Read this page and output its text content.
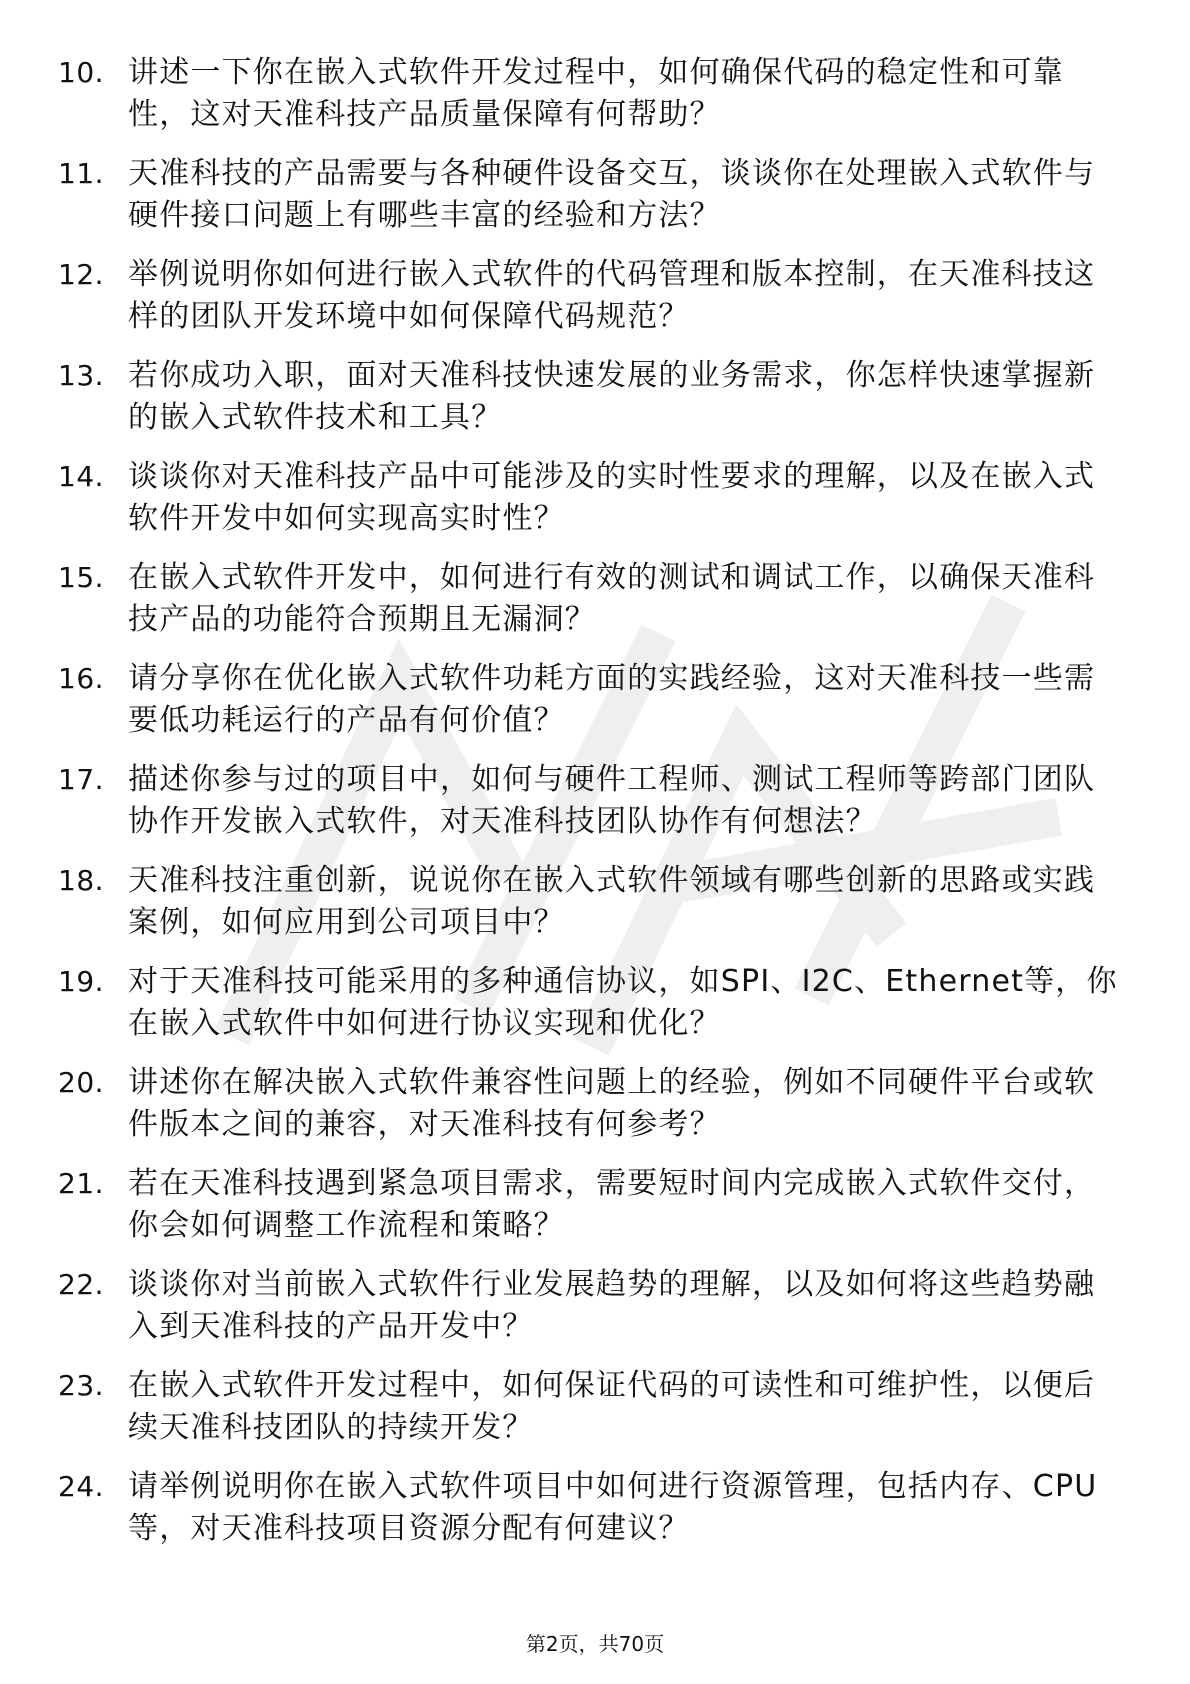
10. 讲述一下你在嵌入式软件开发过程中，如何确保代码的稳定性和可靠性，这对天准科技产品质量保障有何帮助？
11. 天准科技的产品需要与各种硬件设备交互，谈谈你在处理嵌入式软件与硬件接口问题上有哪些丰富的经验和方法？
12. 举例说明你如何进行嵌入式软件的代码管理和版本控制，在天准科技这样的团队开发环境中如何保障代码规范？
13. 若你成功入职，面对天准科技快速发展的业务需求，你怎样快速掌握新的嵌入式软件技术和工具？
14. 谈谈你对天准科技产品中可能涉及的实时性要求的理解，以及在嵌入式软件开发中如何实现高实时性？
15. 在嵌入式软件开发中，如何进行有效的测试和调试工作，以确保天准科技产品的功能符合预期且无漏洞？
16. 请分享你在优化嵌入式软件功耗方面的实践经验，这对天准科技一些需要低功耗运行的产品有何价值？
17. 描述你参与过的项目中，如何与硬件工程师、测试工程师等跨部门团队协作开发嵌入式软件，对天准科技团队协作有何想法？
18. 天准科技注重创新，说说你在嵌入式软件领域有哪些创新的思路或实践案例，如何应用到公司项目中？
19. 对于天准科技可能采用的多种通信协议，如SPI、I2C、Ethernet等，你在嵌入式软件中如何进行协议实现和优化？
20. 讲述你在解决嵌入式软件兼容性问题上的经验，例如不同硬件平台或软件版本之间的兼容，对天准科技有何参考？
21. 若在天准科技遇到紧急项目需求，需要短时间内完成嵌入式软件交付，你会如何调整工作流程和策略？
22. 谈谈你对当前嵌入式软件行业发展趋势的理解，以及如何将这些趋势融入到天准科技的产品开发中？
23. 在嵌入式软件开发过程中，如何保证代码的可读性和可维护性，以便后续天准科技团队的持续开发？
24. 请举例说明你在嵌入式软件项目中如何进行资源管理，包括内存、CPU等，对天准科技项目资源分配有何建议？
第2页，共70页
